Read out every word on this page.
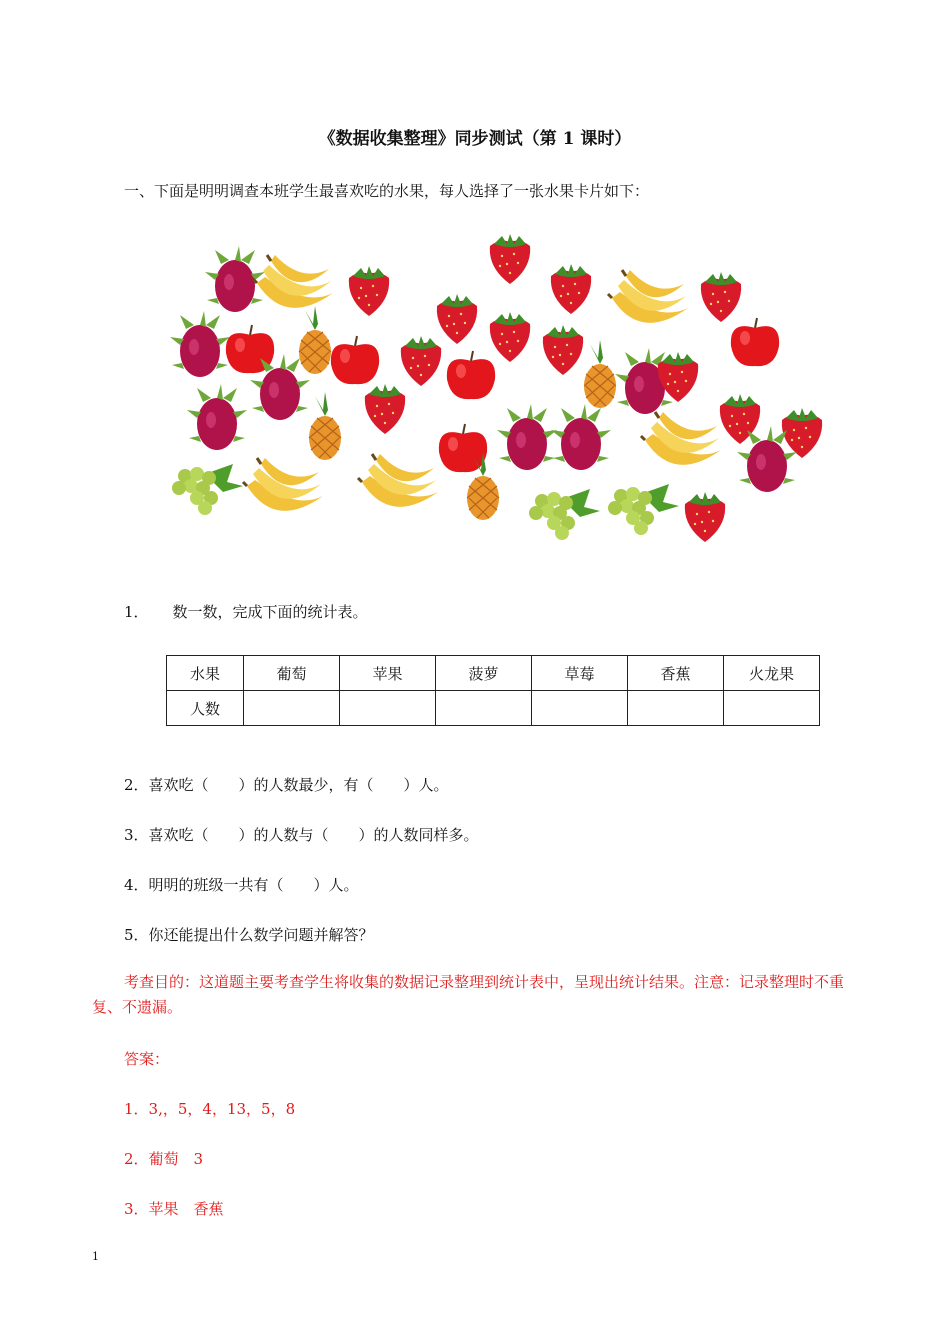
《数据收集整理》同步测试（第 1 课时）
一、下面是明明调查本班学生最喜欢吃的水果，每人选择了一张水果卡片如下：
1． 数一数，完成下面的统计表。
水果	葡萄	苹果	菠萝	草莓	香蕉	火龙果
人数						
2．喜欢吃（　　）的人数最少，有（　　）人。
3．喜欢吃（　　）的人数与（　　）的人数同样多。
4．明明的班级一共有（　　）人。
5．你还能提出什么数学问题并解答？
考查目的：这道题主要考查学生将收集的数据记录整理到统计表中，呈现出统计结果。注意：记录整理时不重复、不遗漏。
答案：
1．3,，5，4，13，5，8
2．葡萄　3
3．苹果　香蕉
1
